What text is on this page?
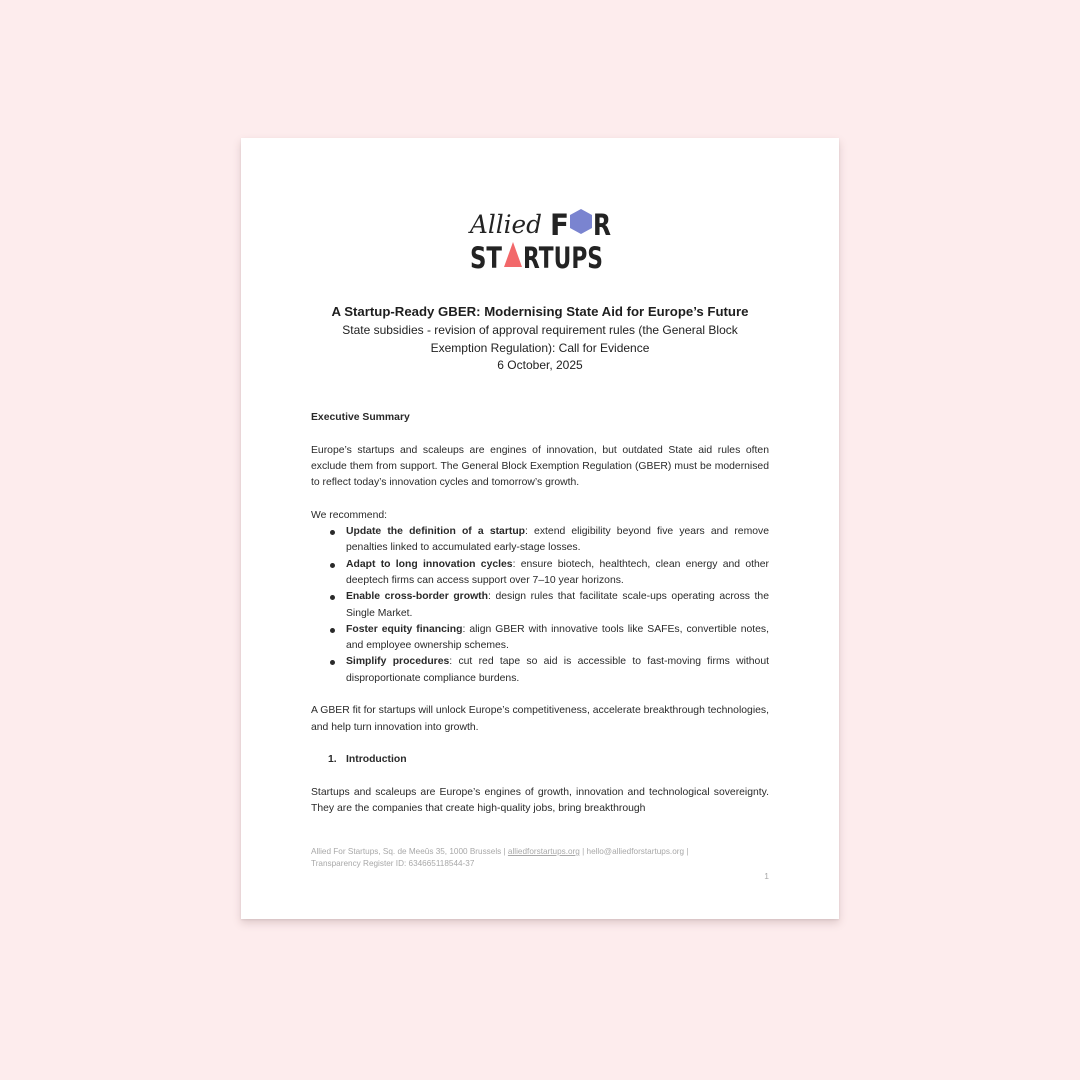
Allied F R
ST RTUPS

A Startup-Ready GBER: Modernising State Aid for Europe’s Future

State subsidies - revision of approval requirement rules (the General Block

Exemption Regulation): Call for Evidence

6 October, 2025

Executive Summary

Europe’s startups and scaleups are engines of innovation, but outdated State aid rules often exclude them from support. The General Block Exemption Regulation (GBER) must be modernised to reflect today’s innovation cycles and tomorrow’s growth.

We recommend:

Update the definition of a startup: extend eligibility beyond five years and remove penalties linked to accumulated early-stage losses.
Adapt to long innovation cycles: ensure biotech, healthtech, clean energy and other deeptech firms can access support over 7–10 year horizons.
Enable cross-border growth: design rules that facilitate scale-ups operating across the Single Market.
Foster equity financing: align GBER with innovative tools like SAFEs, convertible notes, and employee ownership schemes.
Simplify procedures: cut red tape so aid is accessible to fast-moving firms without disproportionate compliance burdens.

A GBER fit for startups will unlock Europe’s competitiveness, accelerate breakthrough technologies, and help turn innovation into growth.

1. Introduction

Startups and scaleups are Europe’s engines of growth, innovation and technological sovereignty. They are the companies that create high-quality jobs, bring breakthrough

Allied For Startups, Sq. de Meeûs 35, 1000 Brussels | alliedforstartups.org | hello@alliedforstartups.org |
Transparency Register ID: 634665118544-37
1
